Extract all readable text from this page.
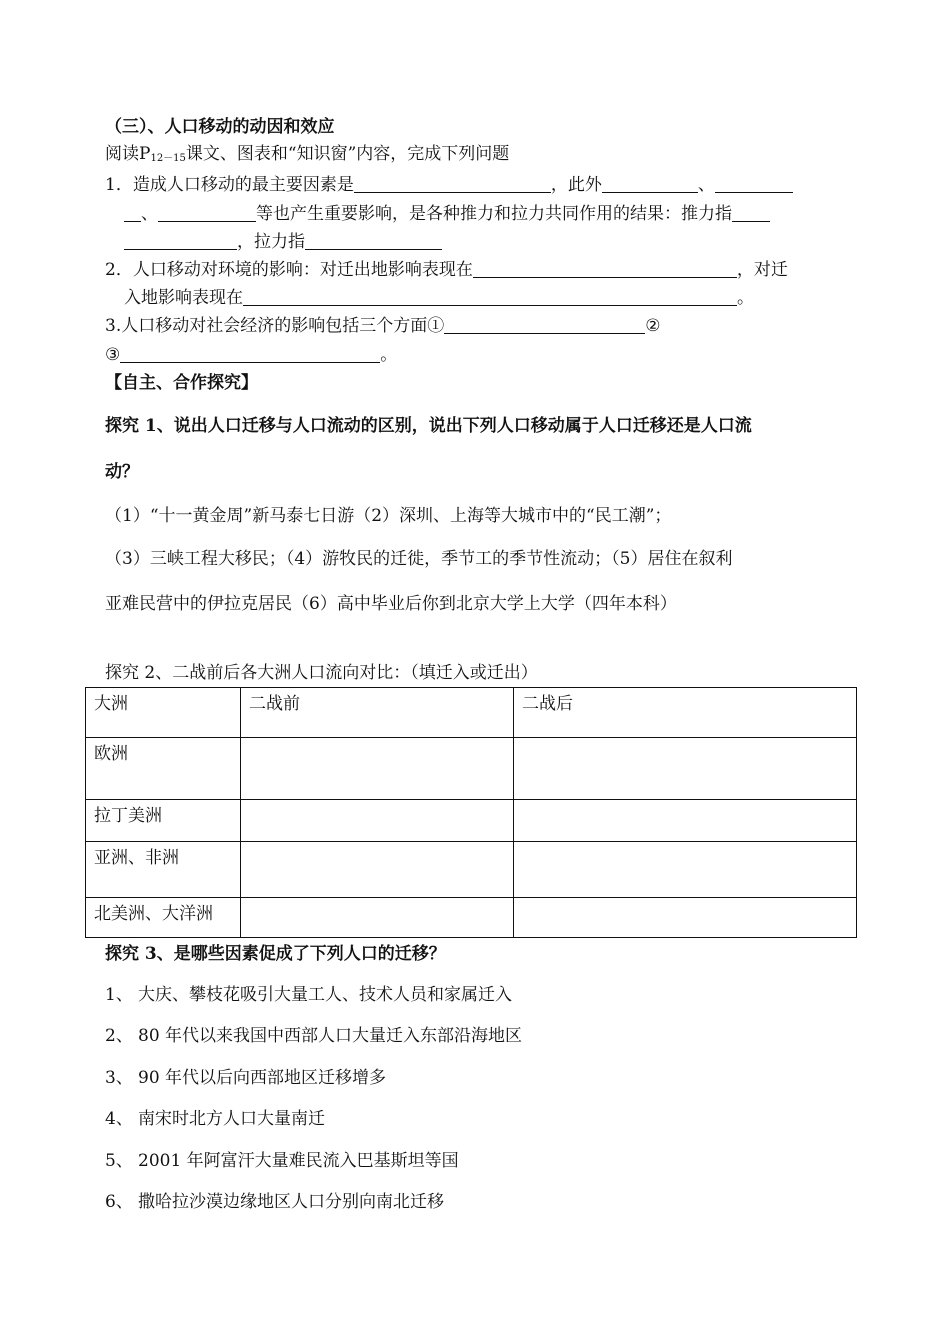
（三）、人口移动的动因和效应
阅读$P_{12-15}$课文、图表和“知识窗”内容，完成下列问题
1．造成人口移动的最主要因素是	，此外	、
、	等也产生重要影响，是各种推力和拉力共同作用的结果：推力指
，拉力指
2．人口移动对环境的影响：对迁出地影响表现在	，对迁
入地影响表现在	。
3.人口移动对社会经济的影响包括三个方面①	②
③	。
【自主、合作探究】
探究 1、说出人口迁移与人口流动的区别，说出下列人口移动属于人口迁移还是人口流
动？
（1）“十一黄金周”新马泰七日游（2）深圳、上海等大城市中的“民工潮”；
（3）三峡工程大移民；（4）游牧民的迁徙，季节工的季节性流动；（5）居住在叙利
亚难民营中的伊拉克居民（6）高中毕业后你到北京大学上大学（四年本科）
探究 2、二战前后各大洲人口流向对比：（填迁入或迁出）
大洲	二战前	二战后
欧洲		
拉丁美洲		
亚洲、非洲		
北美洲、大洋洲		
探究 3、是哪些因素促成了下列人口的迁移？
1、 大庆、攀枝花吸引大量工人、技术人员和家属迁入
2、 80 年代以来我国中西部人口大量迁入东部沿海地区
3、 90 年代以后向西部地区迁移增多
4、 南宋时北方人口大量南迁
5、 2001 年阿富汗大量难民流入巴基斯坦等国
6、 撒哈拉沙漠边缘地区人口分别向南北迁移
